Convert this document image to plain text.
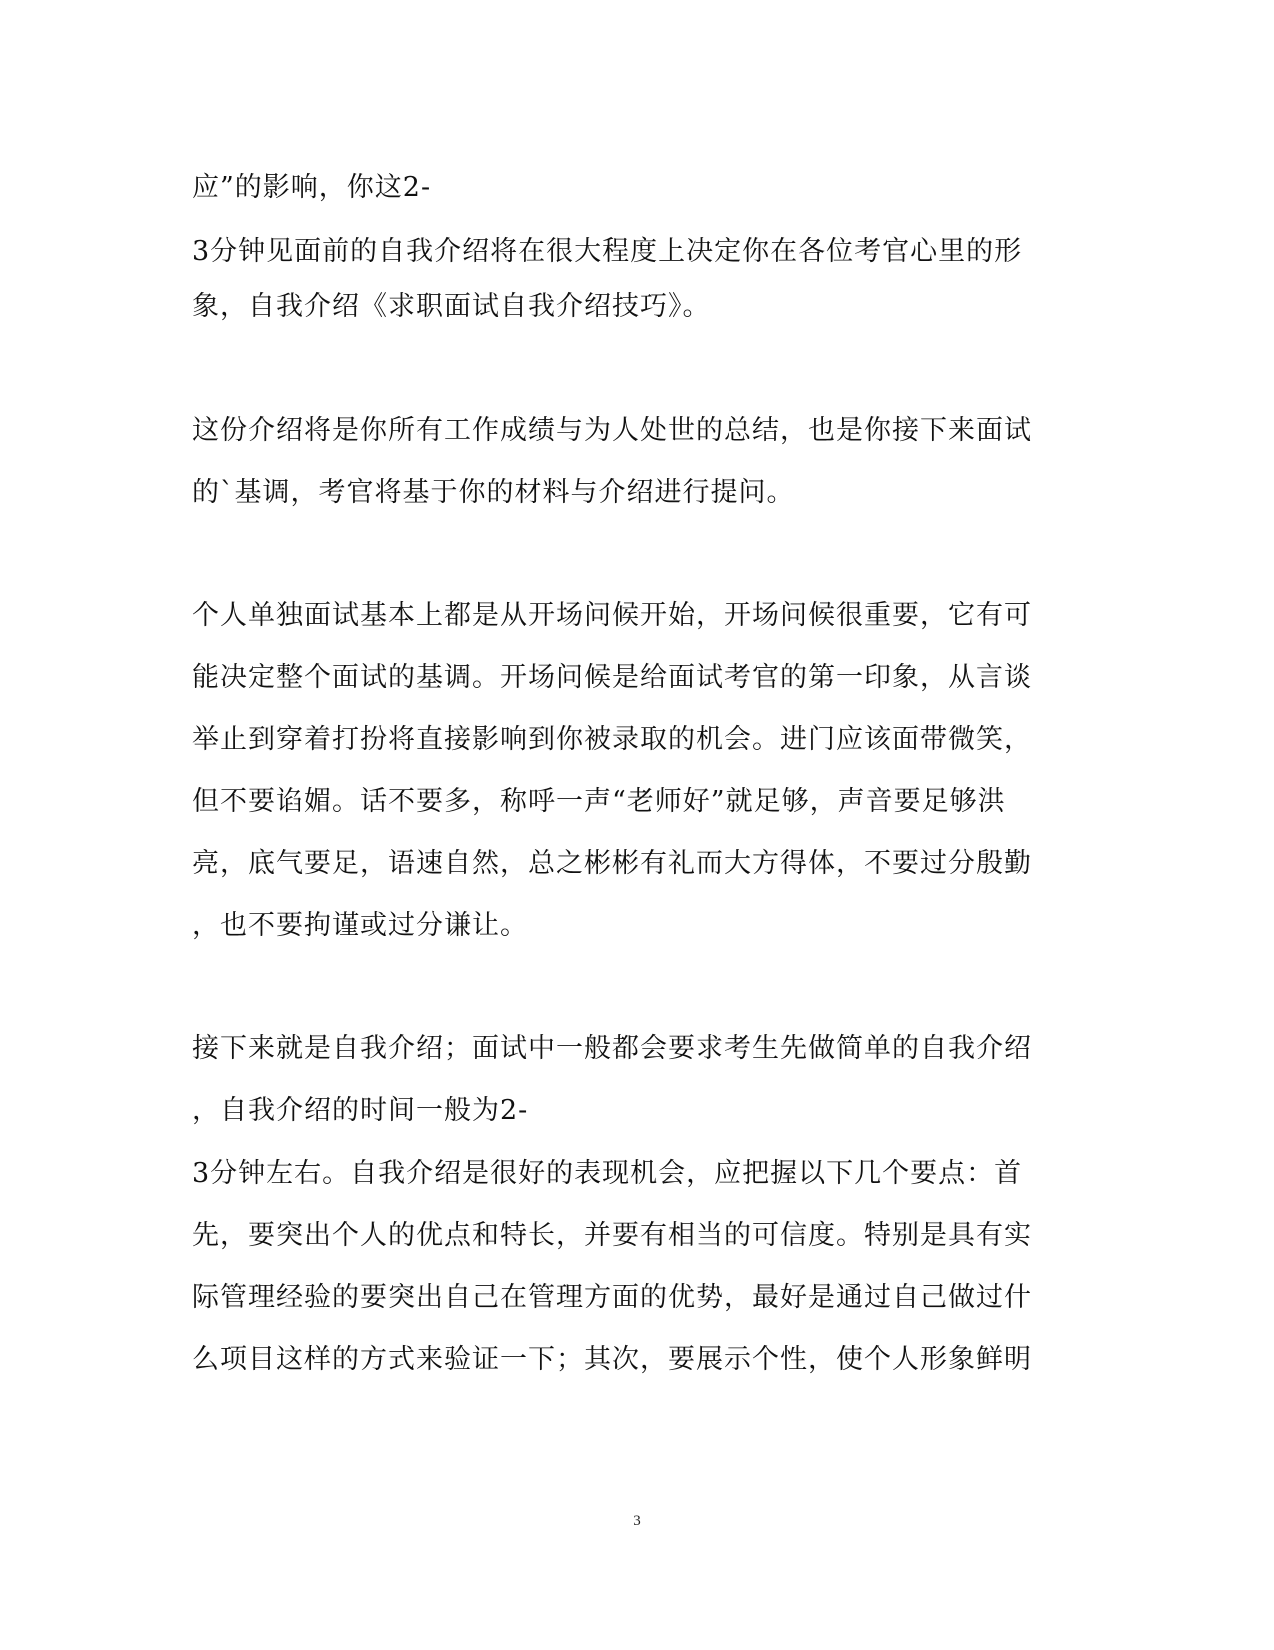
应”的影响，你这2-
3分钟见面前的自我介绍将在很大程度上决定你在各位考官心里的形
象，自我介绍《求职面试自我介绍技巧》。
这份介绍将是你所有工作成绩与为人处世的总结，也是你接下来面试
的`基调，考官将基于你的材料与介绍进行提问。
个人单独面试基本上都是从开场问候开始，开场问候很重要，它有可
能决定整个面试的基调。开场问候是给面试考官的第一印象，从言谈
举止到穿着打扮将直接影响到你被录取的机会。进门应该面带微笑，
但不要谄媚。话不要多，称呼一声“老师好”就足够，声音要足够洪
亮，底气要足，语速自然，总之彬彬有礼而大方得体，不要过分殷勤
，也不要拘谨或过分谦让。
接下来就是自我介绍；面试中一般都会要求考生先做简单的自我介绍
，自我介绍的时间一般为2-
3分钟左右。自我介绍是很好的表现机会，应把握以下几个要点：首
先，要突出个人的优点和特长，并要有相当的可信度。特别是具有实
际管理经验的要突出自己在管理方面的优势，最好是通过自己做过什
么项目这样的方式来验证一下；其次，要展示个性，使个人形象鲜明
3
